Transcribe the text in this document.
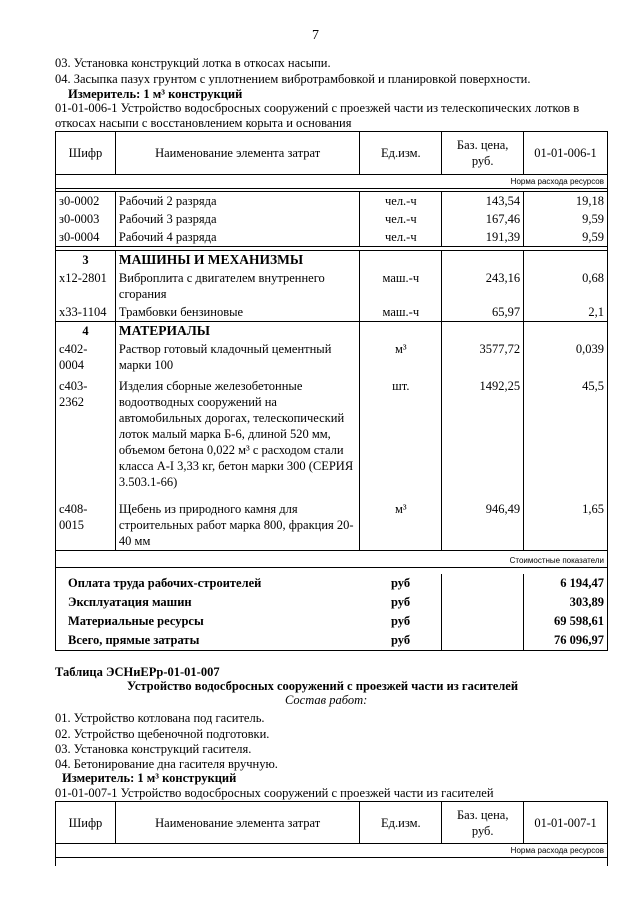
7
03. Установка конструкций лотка в откосах насыпи.
04. Засыпка пазух грунтом с уплотнением вибротрамбовкой и планировкой поверхности.
Измеритель: 1 м³ конструкций
01-01-006-1 Устройство водосбросных сооружений с проезжей части из телескопических лотков в
откосах насыпи с восстановлением корыта и основания
Шифр	Наименование элемента затрат	Ед.изм.	Баз. цена, руб.	01-01-006-1
Норма расхода ресурсов				

з0-0002	Рабочий 2 разряда	чел.-ч	143,54	19,18
з0-0003	Рабочий 3 разряда	чел.-ч	167,46	9,59
з0-0004	Рабочий 4 разряда	чел.-ч	191,39	9,59

3	МАШИНЫ И МЕХАНИЗМЫ			
х12-2801	Виброплита с двигателем внутреннего сгорания	маш.-ч	243,16	0,68
х33-1104	Трамбовки бензиновые	маш.-ч	65,97	2,1
4	МАТЕРИАЛЫ			
с402-0004	Раствор готовый кладочный цементный марки 100	м³	3577,72	0,039
с403-2362	Изделия сборные железобетонные водоотводных сооружений на автомобильных дорогах, телескопический лоток малый марка Б-6, длиной 520 мм, объемом бетона 0,022 м³ с расходом стали класса А-I 3,33 кг, бетон марки 300 (СЕРИЯ 3.503.1-66)	шт.	1492,25	45,5
с408-0015	Щебень из природного камня для строительных работ марка 800, фракция 20-40 мм	м³	946,49	1,65
Стоимостные показатели				

Оплата труда рабочих-строителей		руб		6 194,47
Эксплуатация машин		руб		303,89
Материальные ресурсы		руб		69 598,61
Всего, прямые затраты		руб		76 096,97
Таблица ЭСНиЕРр-01-01-007
Устройство водосбросных сооружений с проезжей части из гасителей
Состав работ:
01. Устройство котлована под гаситель.
02. Устройство щебеночной подготовки.
03. Установка конструкций гасителя.
04. Бетонирование дна гасителя вручную.
Измеритель: 1 м³ конструкций
01-01-007-1 Устройство водосбросных сооружений с проезжей части из гасителей
Шифр	Наименование элемента затрат	Ед.изм.	Баз. цена, руб.	01-01-007-1
Норма расхода ресурсов
